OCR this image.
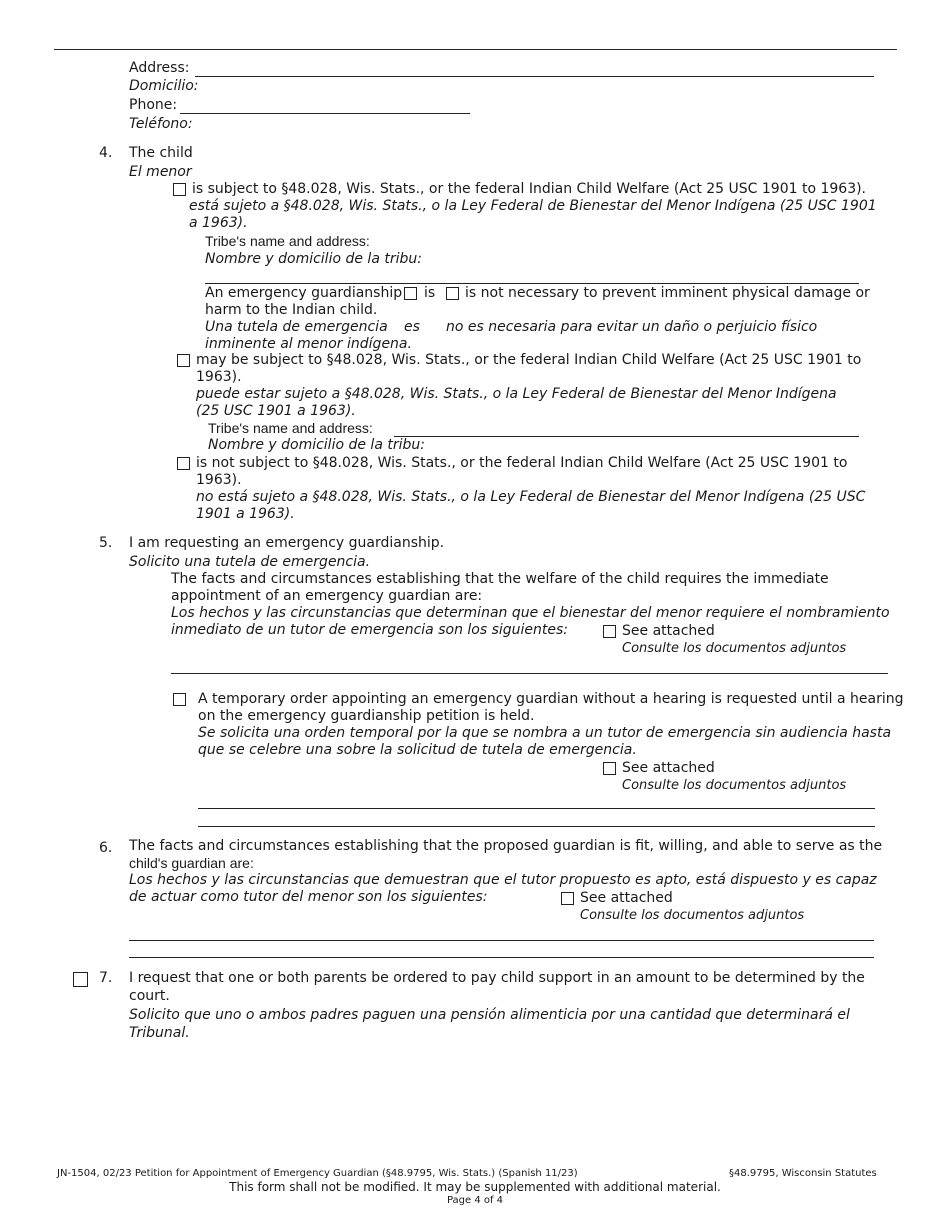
Address:
Domicilio:
Phone:
Teléfono:
4. The child
El menor
is subject to §48.028, Wis. Stats., or the federal Indian Child Welfare (Act 25 USC 1901 to 1963).
está sujeto a §48.028, Wis. Stats., o la Ley Federal de Bienestar del Menor Indígena (25 USC 1901
a 1963).
Tribe's name and address:
Nombre y domicilio de la tribu:
An emergency guardianship is is not necessary to prevent imminent physical damage or
harm to the Indian child.
Una tutela de emergencia es no es necesaria para evitar un daño o perjuicio físico
inminente al menor indígena.
may be subject to §48.028, Wis. Stats., or the federal Indian Child Welfare (Act 25 USC 1901 to
1963).
puede estar sujeto a §48.028, Wis. Stats., o la Ley Federal de Bienestar del Menor Indígena
(25 USC 1901 a 1963).
Tribe's name and address:
Nombre y domicilio de la tribu:
is not subject to §48.028, Wis. Stats., or the federal Indian Child Welfare (Act 25 USC 1901 to
1963).
no está sujeto a §48.028, Wis. Stats., o la Ley Federal de Bienestar del Menor Indígena (25 USC
1901 a 1963).
5. I am requesting an emergency guardianship.
Solicito una tutela de emergencia.
The facts and circumstances establishing that the welfare of the child requires the immediate
appointment of an emergency guardian are:
Los hechos y las circunstancias que determinan que el bienestar del menor requiere el nombramiento
inmediato de un tutor de emergencia son los siguientes:	See attached
Consulte los documentos adjuntos
A temporary order appointing an emergency guardian without a hearing is requested until a hearing
on the emergency guardianship petition is held.
Se solicita una orden temporal por la que se nombra a un tutor de emergencia sin audiencia hasta
que se celebre una sobre la solicitud de tutela de emergencia.
See attached
Consulte los documentos adjuntos
6. The facts and circumstances establishing that the proposed guardian is fit, willing, and able to serve as the
child's guardian are:
Los hechos y las circunstancias que demuestran que el tutor propuesto es apto, está dispuesto y es capaz
de actuar como tutor del menor son los siguientes:	See attached
Consulte los documentos adjuntos
7. I request that one or both parents be ordered to pay child support in an amount to be determined by the
court.
Solicito que uno o ambos padres paguen una pensión alimenticia por una cantidad que determinará el
Tribunal.
JN-1504, 02/23 Petition for Appointment of Emergency Guardian (§48.9795, Wis. Stats.) (Spanish 11/23)	§48.9795, Wisconsin Statutes
This form shall not be modified. It may be supplemented with additional material.
Page 4 of 4
